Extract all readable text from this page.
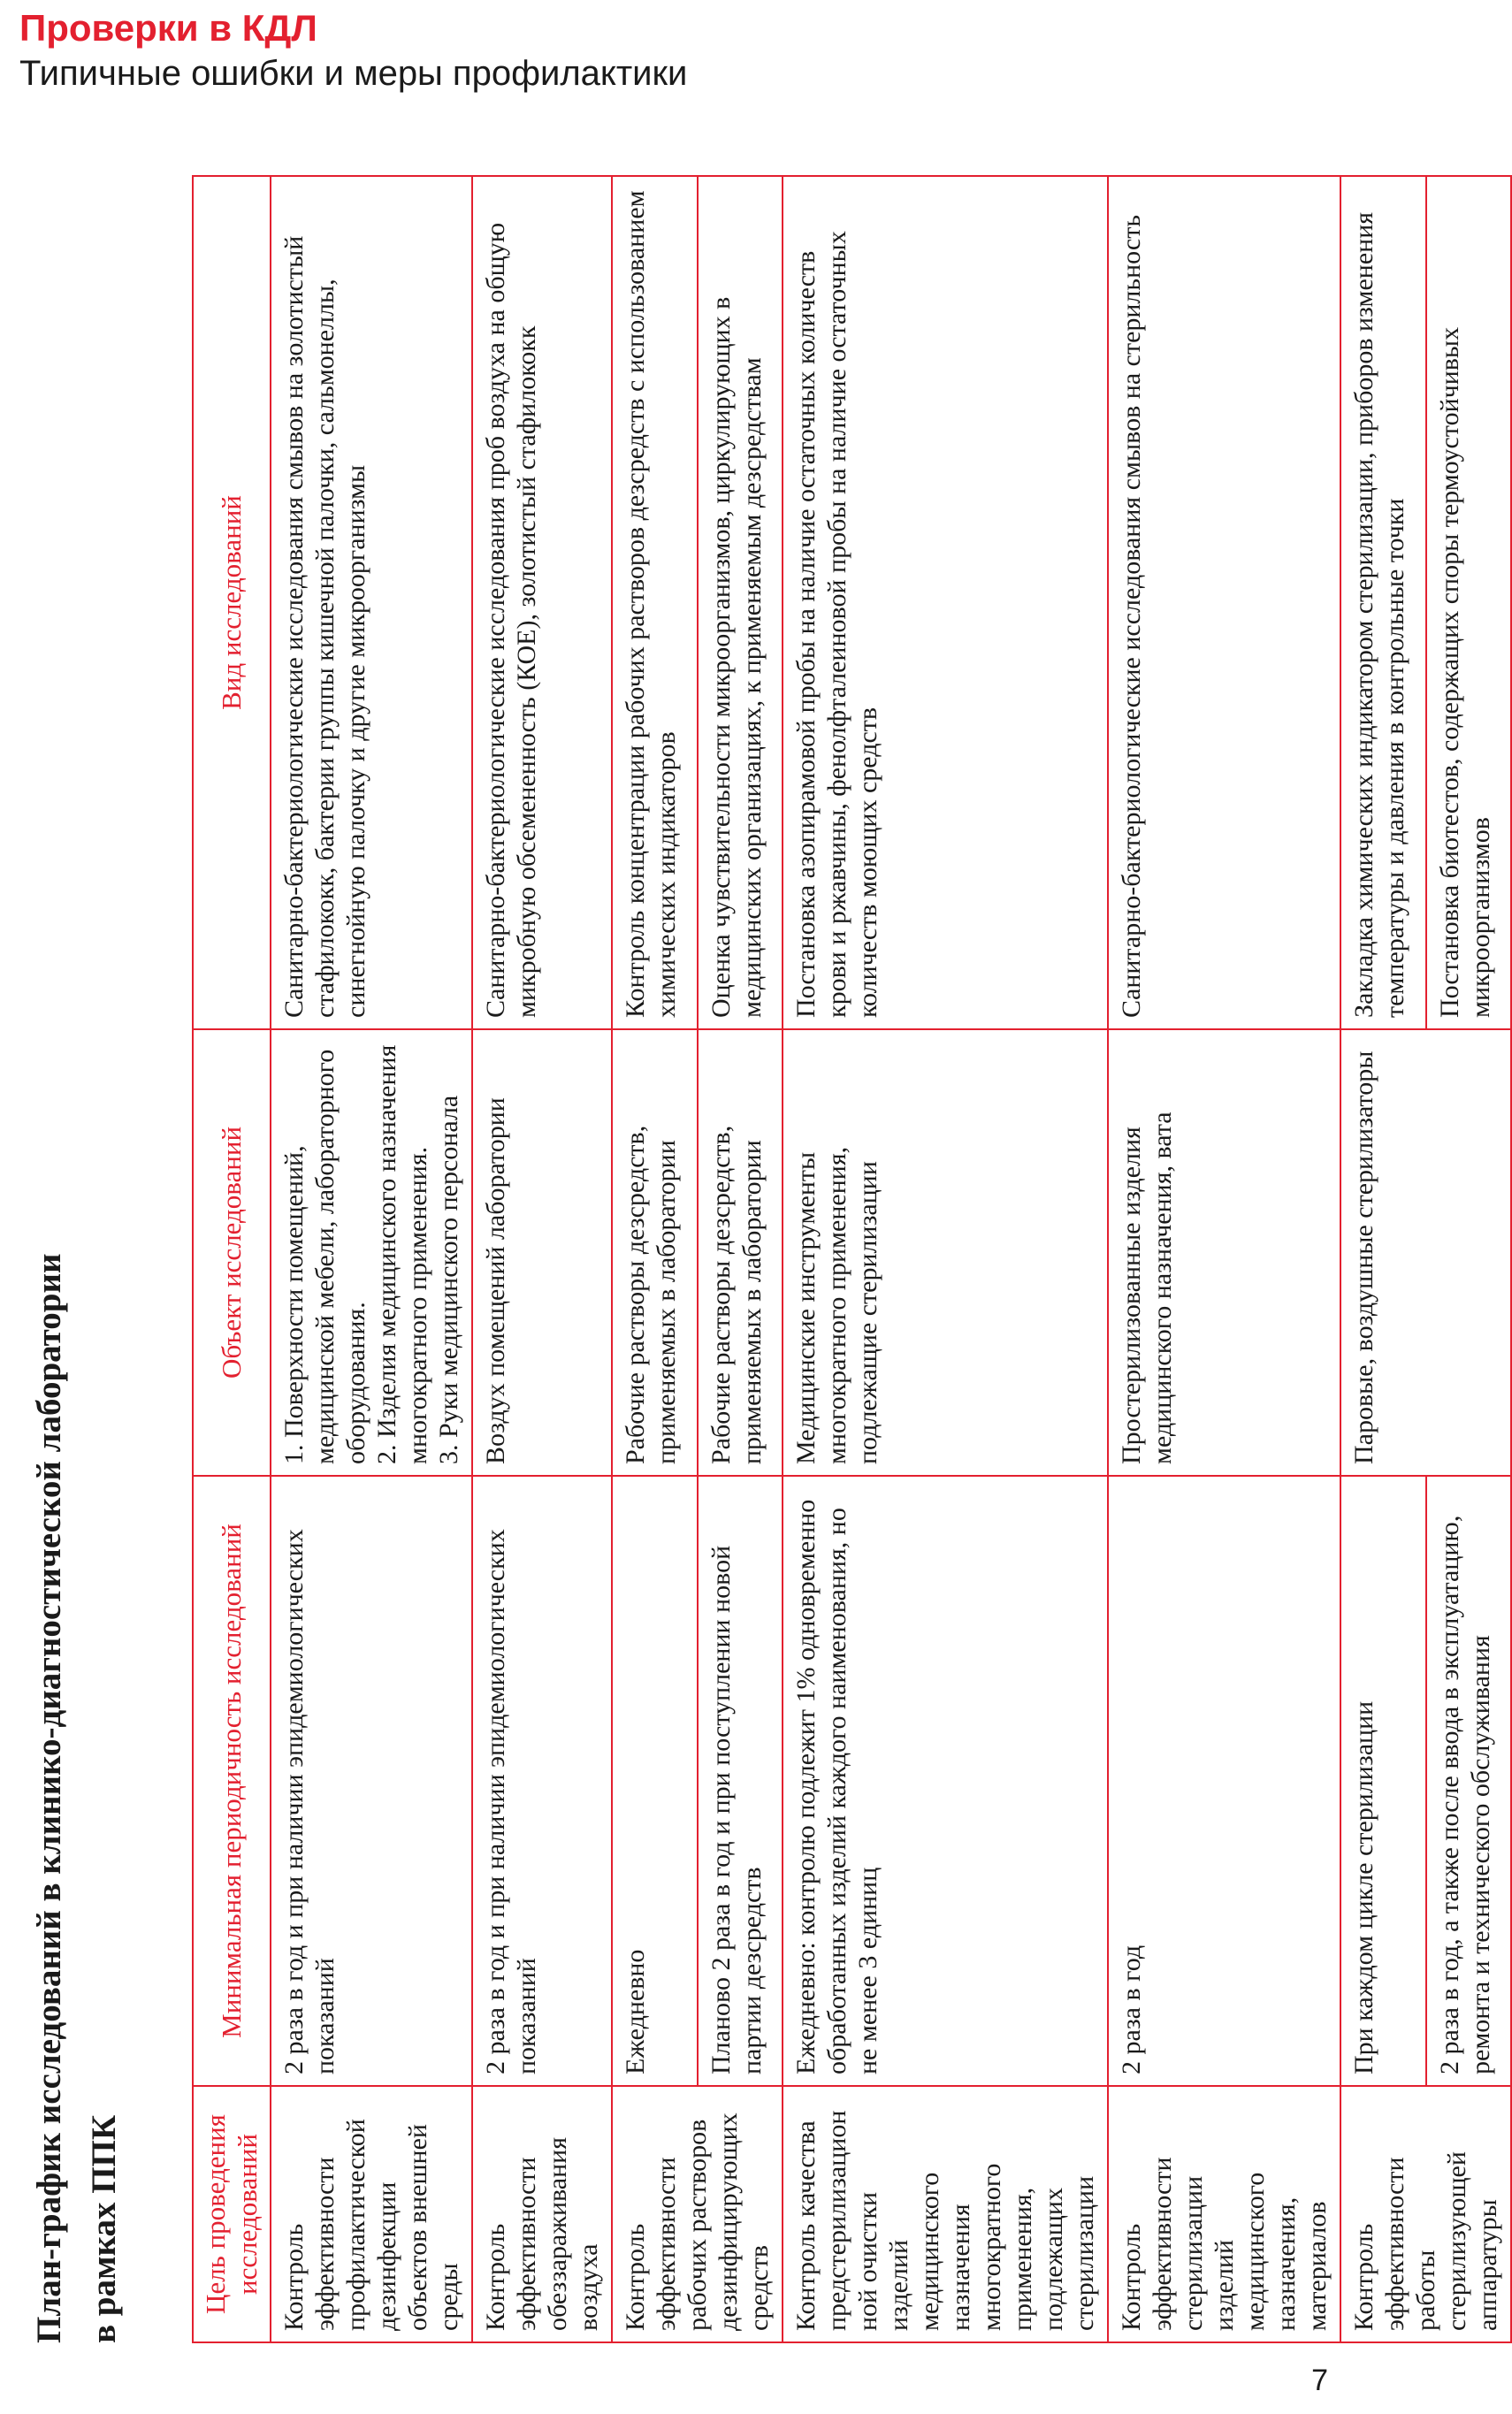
Проверки в КДЛ
Типичные ошибки и меры профилактики
План-график исследований в клинико-диагностической лаборатории в рамках ППК	Цель проведения исследований	Минимальная периодичность исследований	Объект исследований	Вид исследований
Контроль эффективности профилактической дезинфекции объектов внешней среды	2 раза в год и при наличии эпидемиологических показаний	1. Поверхности помещений, медицинской мебели, лабораторного оборудования.
2. Изделия медицинского назначения многократного применения.
3. Руки медицинского персонала	Санитарно-бактериологические исследования смывов на золотистый стафилококк, бактерии группы кишечной палочки, сальмонеллы, синегнойную палочку и другие микроорганизмы
Контроль эффективности обеззараживания воздуха	2 раза в год и при наличии эпидемиологических показаний	Воздух помещений лаборатории	Санитарно-бактериологические исследования проб воздуха на общую микробную обсемененность (КОЕ), золотистый стафилококк
Контроль эффективности рабочих растворов дезинфицирующих средств	Ежедневно	Рабочие растворы дезсредств, применяемых в лаборатории	Контроль концентрации рабочих растворов дезсредств с использованием химических индикаторов
	Планово 2 раза в год и при поступлении новой партии дезсредств	Рабочие растворы дезсредств, применяемых в лаборатории	Оценка чувствительности микроорганизмов, циркулирующих в медицинских организациях, к применяемым дезсредствам
Контроль качества предстерилизационной очистки изделий медицинского назначения многократного применения, подлежащих стерилизации	Ежедневно: контролю подлежит 1% одновременно обработанных изделий каждого наименования, но не менее 3 единиц	Медицинские инструменты многократного применения, подлежащие стерилизации	Постановка азопирамовой пробы на наличие остаточных количеств крови и ржавчины, фенолфталеиновой пробы на наличие остаточных количеств моющих средств
Контроль эффективности стерилизации изделий медицинского назначения, материалов	2 раза в год	Простерилизованные изделия медицинского назначения, вата	Санитарно-бактериологические исследования смывов на стерильность
Контроль эффективности работы стерилизующей аппаратуры	При каждом цикле стерилизации	Паровые, воздушные стерилизаторы	Закладка химических индикатором стерилизации, приборов изменения температуры и давления в контрольные точки
	2 раза в год, а также после ввода в эксплуатацию, ремонта и технического обслуживания		Постановка биотестов, содержащих споры термоустойчивых микроорганизмов
7
